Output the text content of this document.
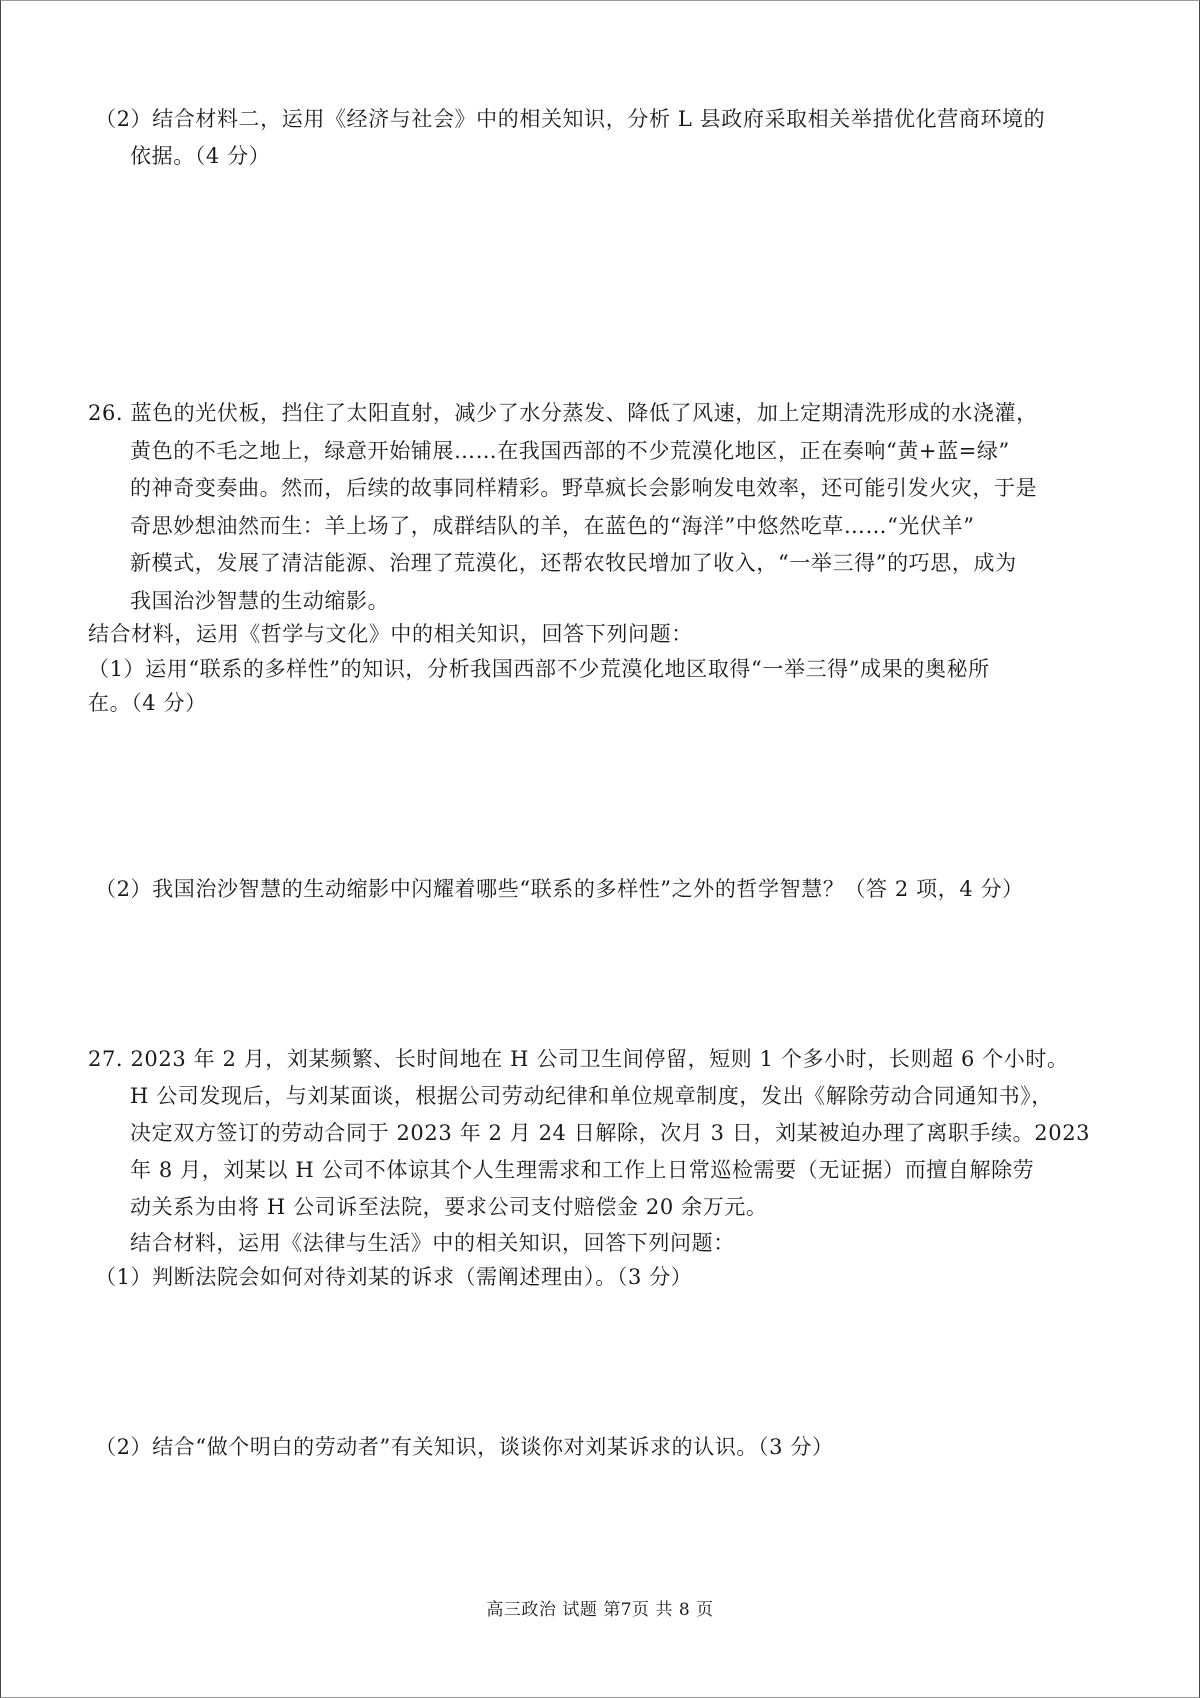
（2）结合材料二，运用《经济与社会》中的相关知识，分析 L 县政府采取相关举措优化营商环境的
依据。（4 分）
26. 蓝色的光伏板，挡住了太阳直射，减少了水分蒸发、降低了风速，加上定期清洗形成的水浇灌，
黄色的不毛之地上，绿意开始铺展……在我国西部的不少荒漠化地区，正在奏响“黄+蓝=绿”
的神奇变奏曲。然而，后续的故事同样精彩。野草疯长会影响发电效率，还可能引发火灾，于是
奇思妙想油然而生：羊上场了，成群结队的羊，在蓝色的“海洋”中悠然吃草……“光伏羊”
新模式，发展了清洁能源、治理了荒漠化，还帮农牧民增加了收入，“一举三得”的巧思，成为
我国治沙智慧的生动缩影。
结合材料，运用《哲学与文化》中的相关知识，回答下列问题：
（1）运用“联系的多样性”的知识，分析我国西部不少荒漠化地区取得“一举三得”成果的奥秘所
在。（4 分）
（2）我国治沙智慧的生动缩影中闪耀着哪些“联系的多样性”之外的哲学智慧？（答 2 项，4 分）
27. 2023 年 2 月，刘某频繁、长时间地在 H 公司卫生间停留，短则 1 个多小时，长则超 6 个小时。
H 公司发现后，与刘某面谈，根据公司劳动纪律和单位规章制度，发出《解除劳动合同通知书》，
决定双方签订的劳动合同于 2023 年 2 月 24 日解除，次月 3 日，刘某被迫办理了离职手续。2023
年 8 月，刘某以 H 公司不体谅其个人生理需求和工作上日常巡检需要（无证据）而擅自解除劳
动关系为由将 H 公司诉至法院，要求公司支付赔偿金 20 余万元。
结合材料，运用《法律与生活》中的相关知识，回答下列问题：
（1）判断法院会如何对待刘某的诉求（需阐述理由）。（3 分）
（2）结合“做个明白的劳动者”有关知识，谈谈你对刘某诉求的认识。（3 分）
高三政治 试题 第7页 共 8 页
